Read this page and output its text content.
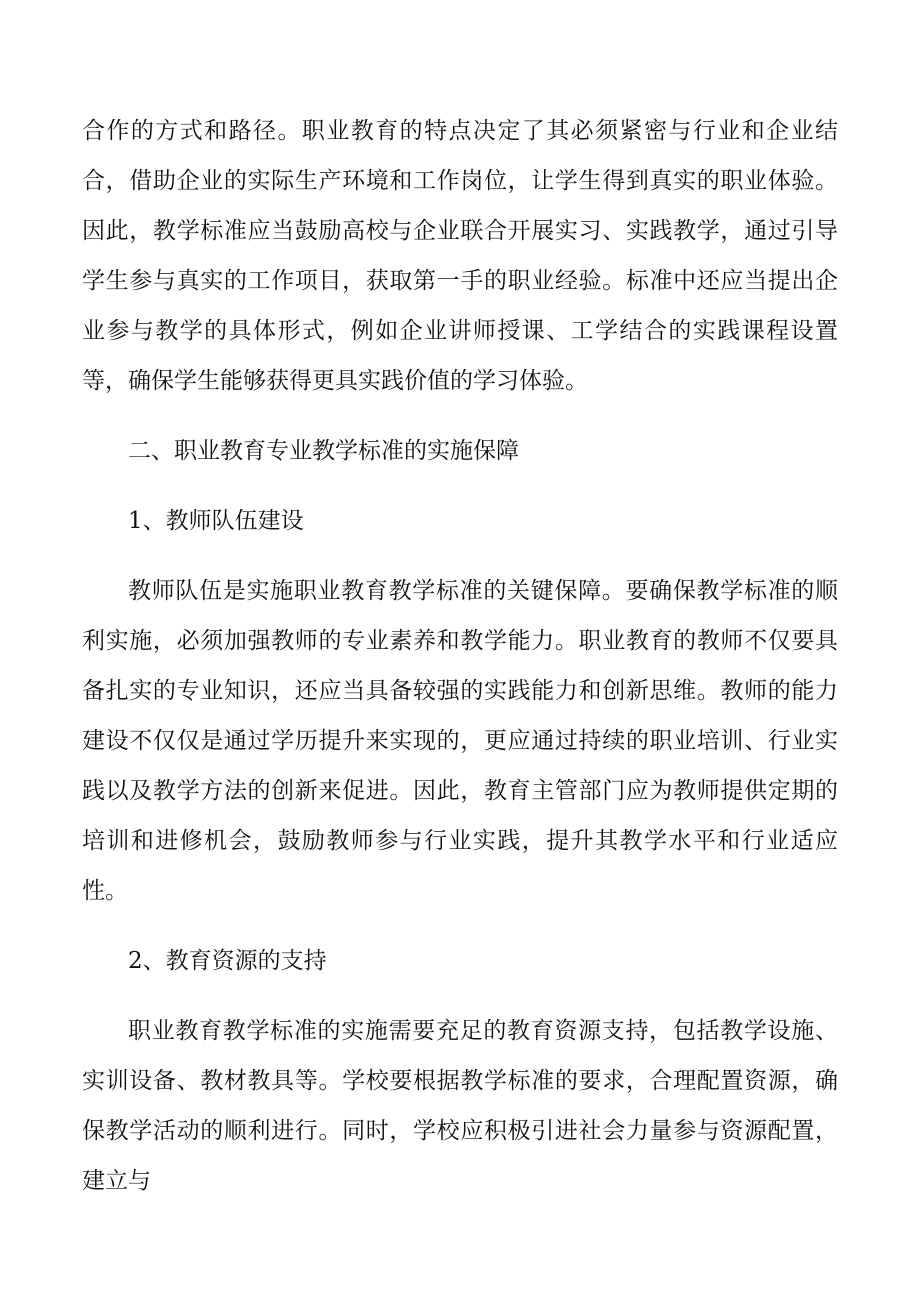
合作的方式和路径。职业教育的特点决定了其必须紧密与行业和企业结合，借助企业的实际生产环境和工作岗位，让学生得到真实的职业体验。因此，教学标准应当鼓励高校与企业联合开展实习、实践教学，通过引导学生参与真实的工作项目，获取第一手的职业经验。标准中还应当提出企业参与教学的具体形式，例如企业讲师授课、工学结合的实践课程设置等，确保学生能够获得更具实践价值的学习体验。

二、职业教育专业教学标准的实施保障

1、教师队伍建设

教师队伍是实施职业教育教学标准的关键保障。要确保教学标准的顺利实施，必须加强教师的专业素养和教学能力。职业教育的教师不仅要具备扎实的专业知识，还应当具备较强的实践能力和创新思维。教师的能力建设不仅仅是通过学历提升来实现的，更应通过持续的职业培训、行业实践以及教学方法的创新来促进。因此，教育主管部门应为教师提供定期的培训和进修机会，鼓励教师参与行业实践，提升其教学水平和行业适应性。

2、教育资源的支持

职业教育教学标准的实施需要充足的教育资源支持，包括教学设施、实训设备、教材教具等。学校要根据教学标准的要求，合理配置资源，确保教学活动的顺利进行。同时，学校应积极引进社会力量参与资源配置，建立与
